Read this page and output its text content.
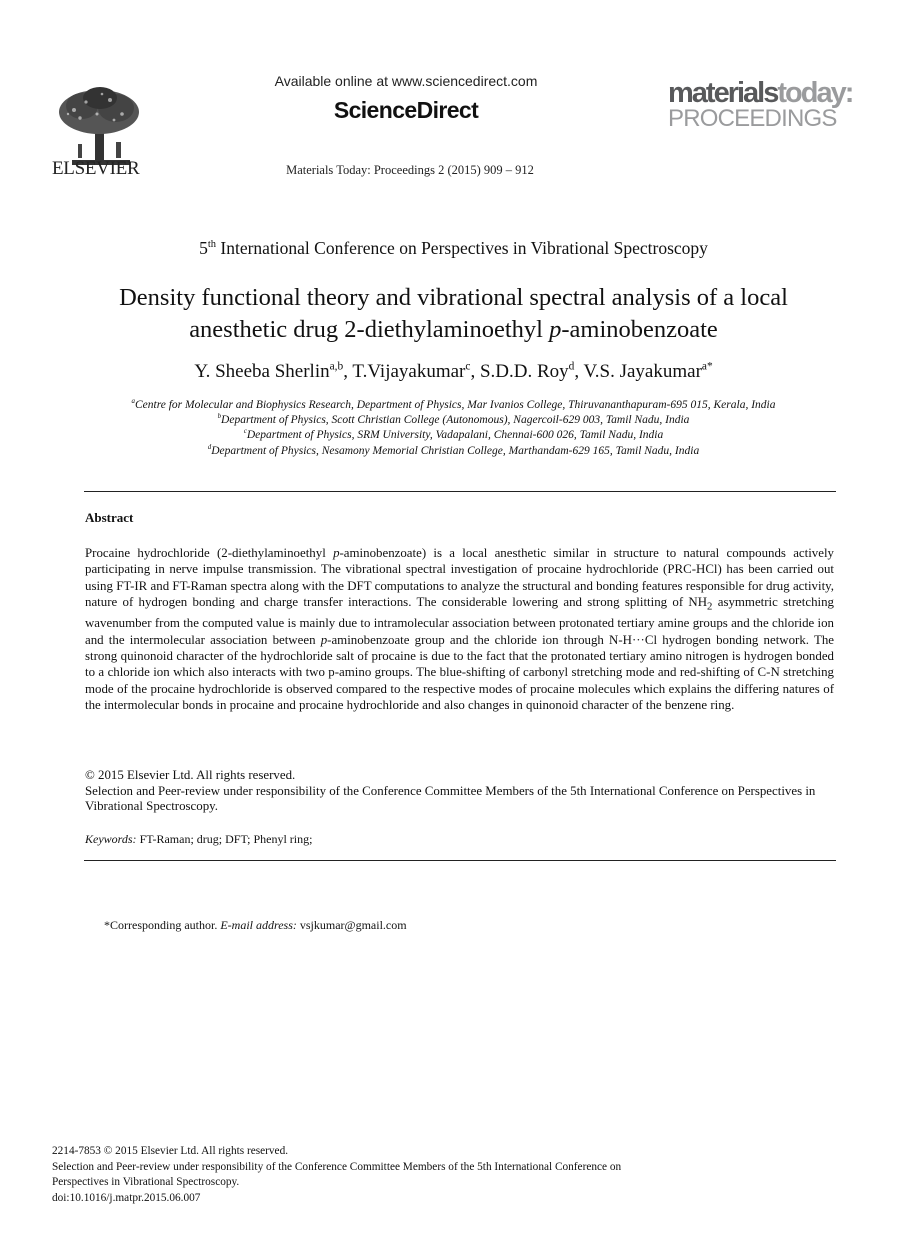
ELSEVIER
Available online at www.sciencedirect.com
ScienceDirect
Materials Today: Proceedings 2 (2015) 909 – 912
materialstoday:
PROCEEDINGS
5th International Conference on Perspectives in Vibrational Spectroscopy
Density functional theory and vibrational spectral analysis of a local
anesthetic drug 2-diethylaminoethyl p-aminobenzoate
Y. Sheeba Sherlin$^{a,b}$, T.Vijayakumar$^c$, S.D.D. Roy$^d$, V.S. Jayakumar$^{a*}$
$^a$Centre for Molecular and Biophysics Research, Department of Physics, Mar Ivanios College, Thiruvananthapuram-695 015, Kerala, India
$^b$Department of Physics, Scott Christian College (Autonomous), Nagercoil-629 003, Tamil Nadu, India
$^c$Department of Physics, SRM University, Vadapalani, Chennai-600 026, Tamil Nadu, India
$^d$Department of Physics, Nesamony Memorial Christian College, Marthandam-629 165, Tamil Nadu, India
Abstract
Procaine hydrochloride (2-diethylaminoethyl p-aminobenzoate) is a local anesthetic similar in structure to natural compounds actively participating in nerve impulse transmission. The vibrational spectral investigation of procaine hydrochloride (PRC-HCl) has been carried out using FT-IR and FT-Raman spectra along with the DFT computations to analyze the structural and bonding features responsible for drug activity, nature of hydrogen bonding and charge transfer interactions. The considerable lowering and strong splitting of $NH_2$ asymmetric stretching wavenumber from the computed value is mainly due to intramolecular association between protonated tertiary amine groups and the chloride ion and the intermolecular association between p-aminobenzoate group and the chloride ion through N-H···Cl hydrogen bonding network. The strong quinonoid character of the hydrochloride salt of procaine is due to the fact that the protonated tertiary amino nitrogen is hydrogen bonded to a chloride ion which also interacts with two p-amino groups. The blue-shifting of carbonyl stretching mode and red-shifting of C-N stretching mode of the procaine hydrochloride is observed compared to the respective modes of procaine molecules which explains the differing natures of the intermolecular bonds in procaine and procaine hydrochloride and also changes in quinonoid character of the benzene ring.
© 2015 Elsevier Ltd. All rights reserved.
Selection and Peer-review under responsibility of the Conference Committee Members of the 5th International Conference on Perspectives in Vibrational Spectroscopy.
Keywords: FT-Raman; drug; DFT; Phenyl ring;
*Corresponding author. E-mail address: vsjkumar@gmail.com
2214-7853 © 2015 Elsevier Ltd. All rights reserved.
Selection and Peer-review under responsibility of the Conference Committee Members of the 5th International Conference on
Perspectives in Vibrational Spectroscopy.
doi:10.1016/j.matpr.2015.06.007
